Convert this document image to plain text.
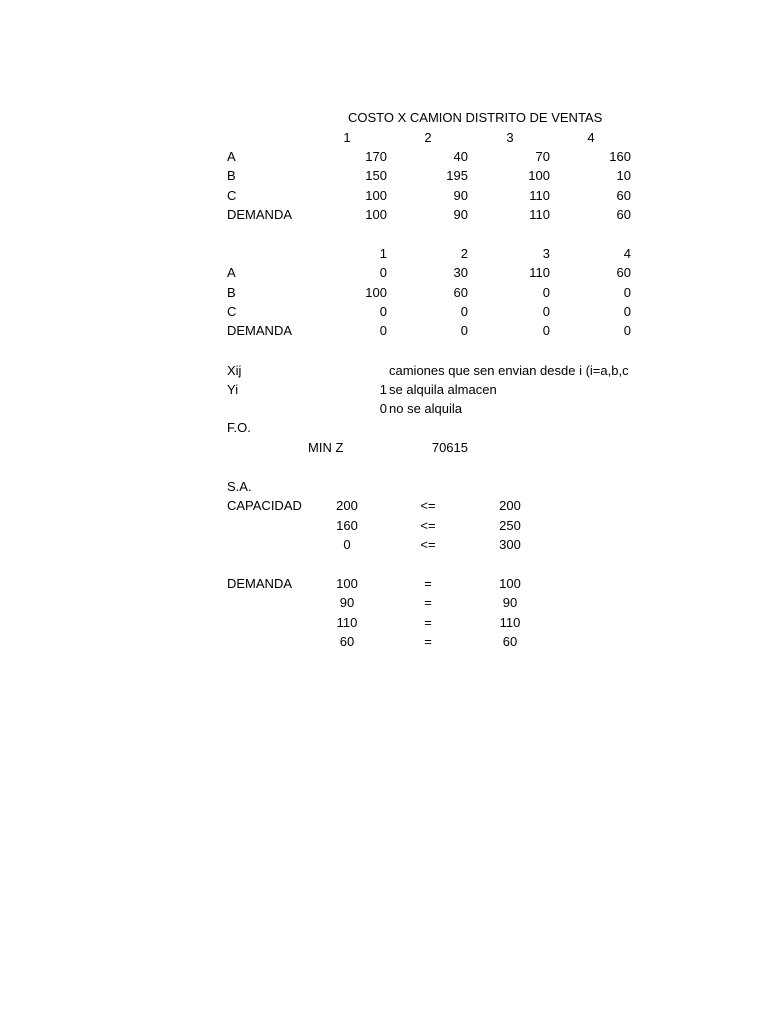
COSTO X CAMION DISTRITO DE VENTAS
1	2	3	4
A	170	40	70	160
B	150	195	100	10
C	100	90	110	60
DEMANDA	100	90	110	60
1	2	3	4
A	0	30	110	60
B	100	60	0	0
C	0	0	0	0
DEMANDA	0	0	0	0
Xij	camiones que sen envian desde i (i=a,b,c
Yi	1 se alquila almacen
0 no se alquila
F.O.
MIN Z	70615
S.A.
CAPACIDAD	200	<=	200
160	<=	250
0	<=	300
DEMANDA	100	=	100
90	=	90
110	=	110
60	=	60
